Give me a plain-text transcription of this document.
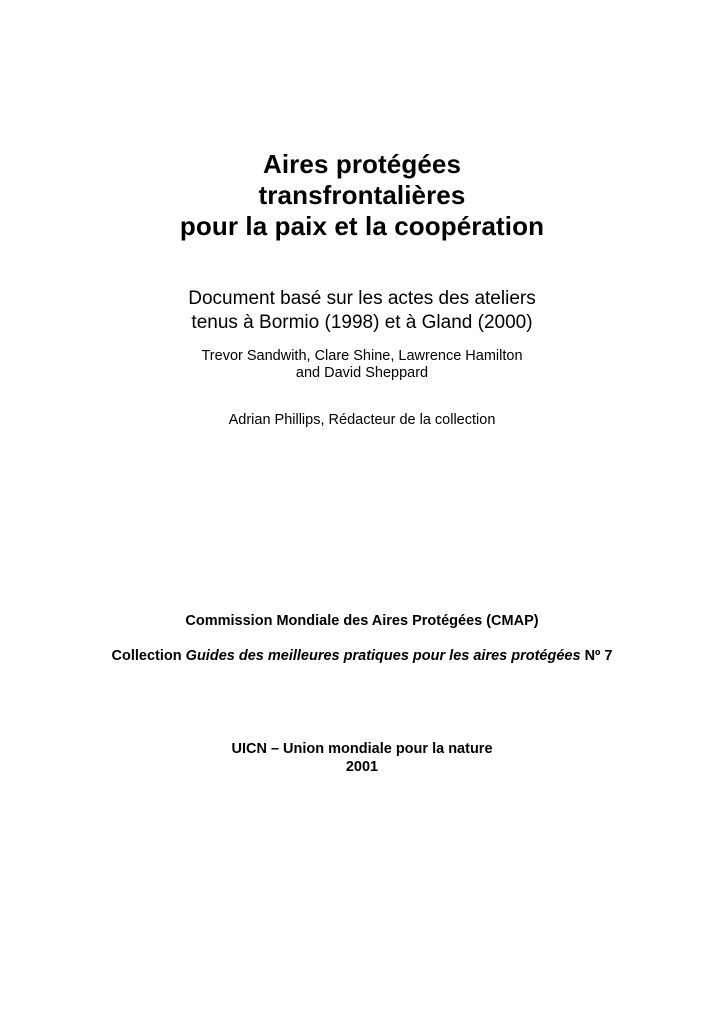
Aires protégées
transfrontalières
pour la paix et la coopération
Document basé sur les actes des ateliers
tenus à Bormio (1998) et à Gland (2000)
Trevor Sandwith, Clare Shine, Lawrence Hamilton
and David Sheppard
Adrian Phillips, Rédacteur de la collection
Commission Mondiale des Aires Protégées (CMAP)
Collection Guides des meilleures pratiques pour les aires protégées Nº 7
UICN – Union mondiale pour la nature
2001
